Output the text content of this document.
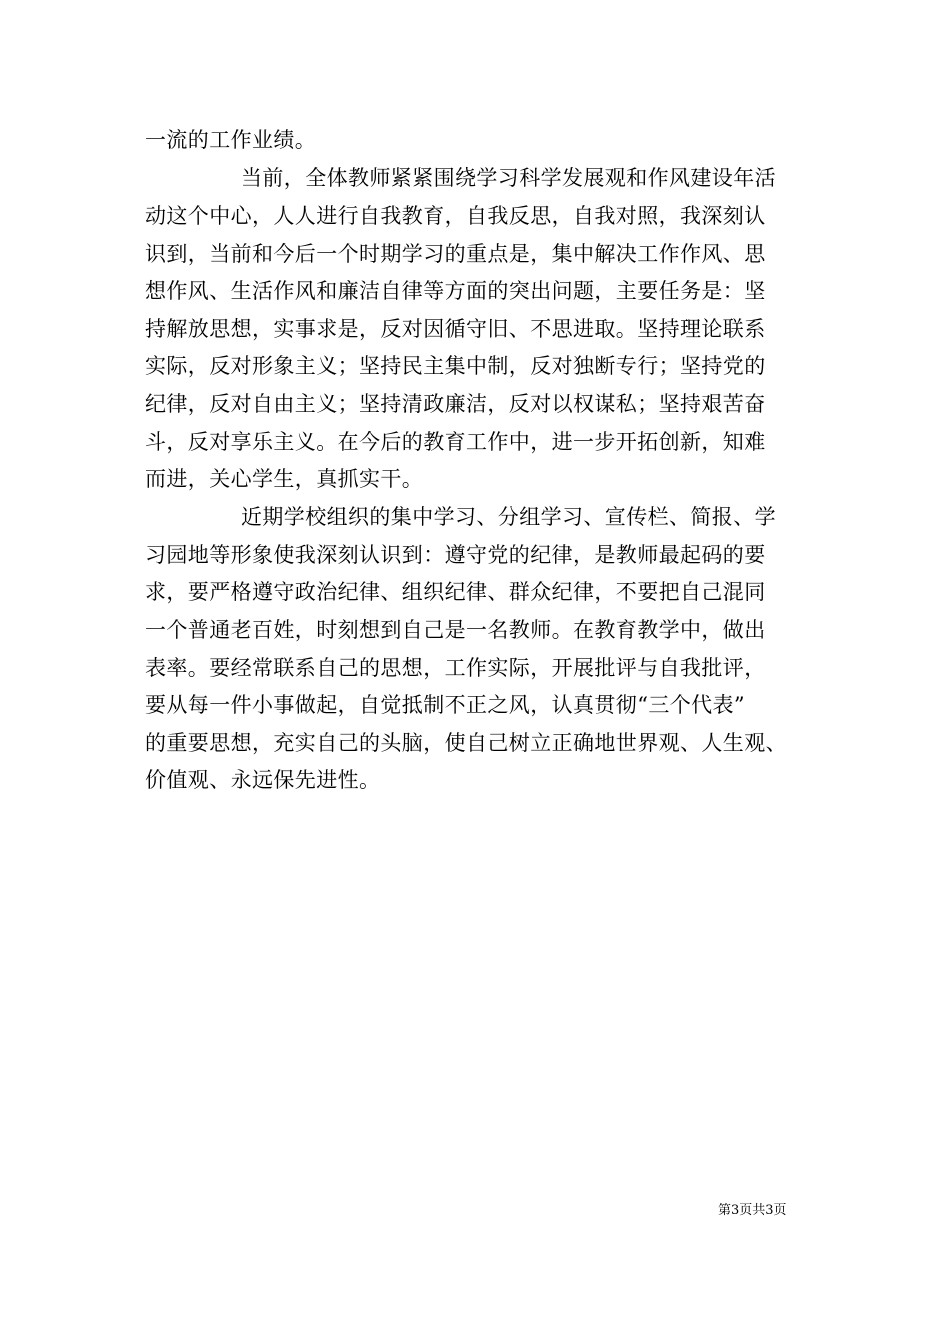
一流的工作业绩。
当前，全体教师紧紧围绕学习科学发展观和作风建设年活
动这个中心，人人进行自我教育，自我反思，自我对照，我深刻认
识到，当前和今后一个时期学习的重点是，集中解决工作作风、思
想作风、生活作风和廉洁自律等方面的突出问题，主要任务是：坚
持解放思想，实事求是，反对因循守旧、不思进取。坚持理论联系
实际，反对形象主义；坚持民主集中制，反对独断专行；坚持党的
纪律，反对自由主义；坚持清政廉洁，反对以权谋私；坚持艰苦奋
斗，反对享乐主义。在今后的教育工作中，进一步开拓创新，知难
而进，关心学生，真抓实干。
近期学校组织的集中学习、分组学习、宣传栏、简报、学
习园地等形象使我深刻认识到：遵守党的纪律，是教师最起码的要
求，要严格遵守政治纪律、组织纪律、群众纪律，不要把自己混同
一个普通老百姓，时刻想到自己是一名教师。在教育教学中，做出
表率。要经常联系自己的思想，工作实际，开展批评与自我批评，
要从每一件小事做起，自觉抵制不正之风，认真贯彻“三个代表”
的重要思想，充实自己的头脑，使自己树立正确地世界观、人生观、
价值观、永远保先进性。
第3页共3页
